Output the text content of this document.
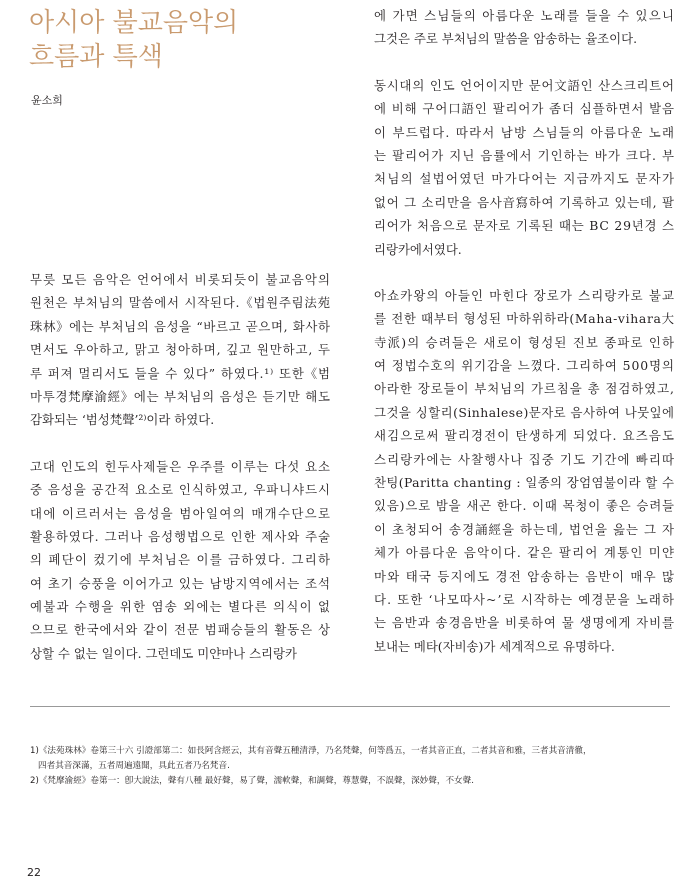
아시아 불교음악의
흐름과 특색
윤소희
무릇 모든 음악은 언어에서 비롯되듯이 불교음악의
원천은 부처님의 말씀에서 시작된다.《법원주림法苑
珠林》에는 부처님의 음성을 “바르고 곧으며, 화사하
면서도 우아하고, 맑고 청아하며, 깊고 원만하고, 두
루 퍼져 멀리서도 들을 수 있다” 하였다.¹⁾ 또한《범
마투경梵摩渝經》에는 부처님의 음성은 듣기만 해도
감화되는 ‘범성梵聲’²⁾이라 하였다.
고대 인도의 힌두사제들은 우주를 이루는 다섯 요소
중 음성을 공간적 요소로 인식하였고, 우파니샤드시
대에 이르러서는 음성을 범아일여의 매개수단으로
활용하였다. 그러나 음성행법으로 인한 제사와 주술
의 폐단이 컸기에 부처님은 이를 금하였다. 그리하
여 초기 승풍을 이어가고 있는 남방지역에서는 조석
예불과 수행을 위한 염송 외에는 별다른 의식이 없
으므로 한국에서와 같이 전문 범패승들의 활동은 상
상할 수 없는 일이다. 그런데도 미얀마나 스리랑카
에 가면 스님들의 아름다운 노래를 들을 수 있으니
그것은 주로 부처님의 말씀을 암송하는 율조이다.
동시대의 인도 언어이지만 문어文語인 산스크리트어
에 비해 구어口語인 팔리어가 좀더 심플하면서 발음
이 부드럽다. 따라서 남방 스님들의 아름다운 노래
는 팔리어가 지닌 음률에서 기인하는 바가 크다. 부
처님의 설법어였던 마가다어는 지금까지도 문자가
없어 그 소리만을 음사音寫하여 기록하고 있는데, 팔
리어가 처음으로 문자로 기록된 때는 BC 29년경 스
리랑카에서였다.
아쇼카왕의 아들인 마힌다 장로가 스리랑카로 불교
를 전한 때부터 형성된 마하위하라(Maha-vihara大
寺派)의 승려들은 새로이 형성된 진보 종파로 인하
여 정법수호의 위기감을 느꼈다. 그리하여 500명의
아라한 장로들이 부처님의 가르침을 총 점검하였고,
그것을 싱할리(Sinhalese)문자로 음사하여 나뭇잎에
새김으로써 팔리경전이 탄생하게 되었다. 요즈음도
스리랑카에는 사찰행사나 집중 기도 기간에 빠리따
찬팅(Paritta chanting : 일종의 장엄염불이라 할 수
있음)으로 밤을 새곤 한다. 이때 목청이 좋은 승려들
이 초청되어 송경誦經을 하는데, 법언을 읊는 그 자
체가 아름다운 음악이다. 같은 팔리어 계통인 미얀
마와 태국 등지에도 경전 암송하는 음반이 매우 많
다. 또한 ‘나모따사~’로 시작하는 예경문을 노래하
는 음반과 송경음반을 비롯하여 물 생명에게 자비를
보내는 메타(자비송)가 세계적으로 유명하다.
1)《法苑珠林》卷第三十六 引證部第二：如長阿含經云，其有音聲五種清淨，乃名梵聲，何等爲五，一者其音正直，二者其音和雅，三者其音清徹，
四者其音深滿，五者周遍遠聞，具此五者乃名梵音.
2)《梵摩渝經》卷第一：卽大說法，聲有八種 最好聲，易了聲，濡軟聲，和調聲，尊慧聲，不誤聲，深妙聲，不女聲.
22
